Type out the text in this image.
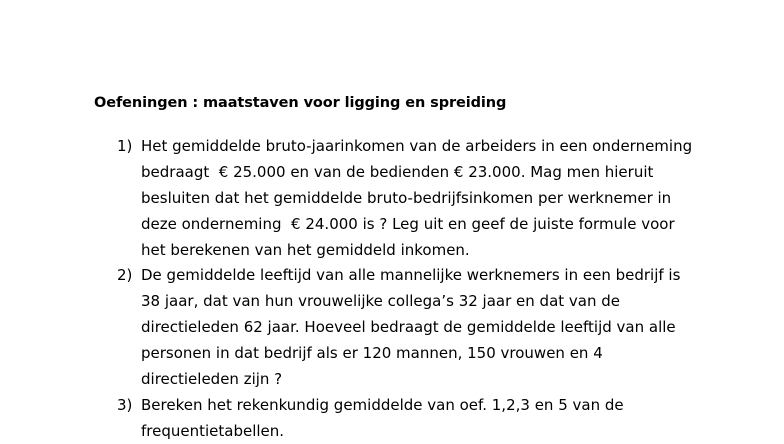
Oefeningen : maatstaven voor ligging en spreiding
1) Het gemiddelde bruto-jaarinkomen van de arbeiders in een onderneming
bedraagt  € 25.000 en van de bedienden € 23.000. Mag men hieruit
besluiten dat het gemiddelde bruto-bedrijfsinkomen per werknemer in
deze onderneming  € 24.000 is ? Leg uit en geef de juiste formule voor
het berekenen van het gemiddeld inkomen.
2) De gemiddelde leeftijd van alle mannelijke werknemers in een bedrijf is
38 jaar, dat van hun vrouwelijke collega’s 32 jaar en dat van de
directieleden 62 jaar. Hoeveel bedraagt de gemiddelde leeftijd van alle
personen in dat bedrijf als er 120 mannen, 150 vrouwen en 4
directieleden zijn ?
3) Bereken het rekenkundig gemiddelde van oef. 1,2,3 en 5 van de
frequentietabellen.
